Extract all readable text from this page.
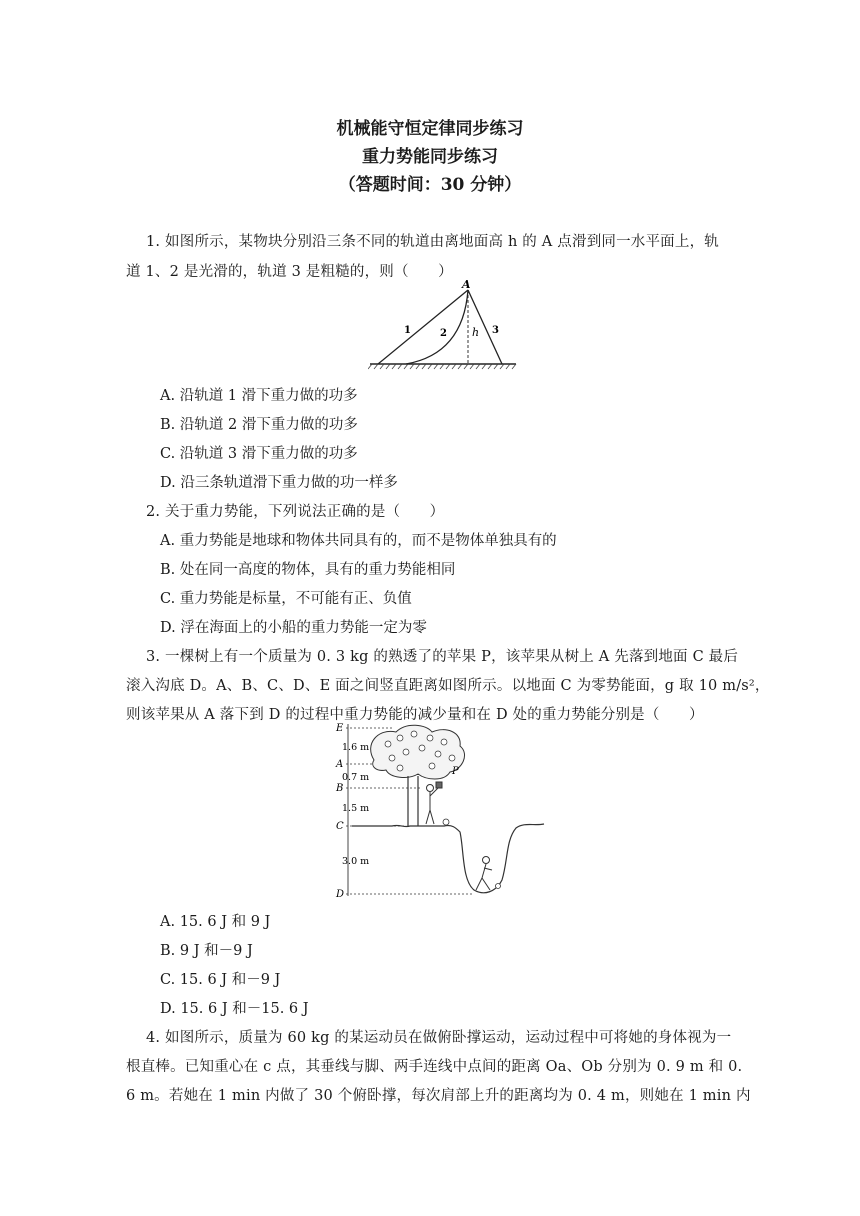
机械能守恒定律同步练习
重力势能同步练习
（答题时间：30 分钟）
1. 如图所示，某物块分别沿三条不同的轨道由离地面高 h 的 A 点滑到同一水平面上，轨
道 1、2 是光滑的，轨道 3 是粗糙的，则（　　）
A
h
1	2	3
A. 沿轨道 1 滑下重力做的功多
B. 沿轨道 2 滑下重力做的功多
C. 沿轨道 3 滑下重力做的功多
D. 沿三条轨道滑下重力做的功一样多
2. 关于重力势能，下列说法正确的是（　　）
A. 重力势能是地球和物体共同具有的，而不是物体单独具有的
B. 处在同一高度的物体，具有的重力势能相同
C. 重力势能是标量，不可能有正、负值
D. 浮在海面上的小船的重力势能一定为零
3. 一棵树上有一个质量为 0. 3 kg 的熟透了的苹果 P，该苹果从树上 A 先落到地面 C 最后
滚入沟底 D。A、B、C、D、E 面之间竖直距离如图所示。以地面 C 为零势能面，g 取 10 m/s²，
则该苹果从 A 落下到 D 的过程中重力势能的减少量和在 D 处的重力势能分别是（　　）
E
A
B
C
D
1.6 m
0.7 m
1.5 m
3.0 m
P
A. 15. 6 J 和 9 J
B. 9 J 和－9 J
C. 15. 6 J 和－9 J
D. 15. 6 J 和－15. 6 J
4. 如图所示，质量为 60 kg 的某运动员在做俯卧撑运动，运动过程中可将她的身体视为一
根直棒。已知重心在 c 点，其垂线与脚、两手连线中点间的距离 Oa、Ob 分别为 0. 9 m 和 0.
6 m。若她在 1 min 内做了 30 个俯卧撑，每次肩部上升的距离均为 0. 4 m，则她在 1 min 内
